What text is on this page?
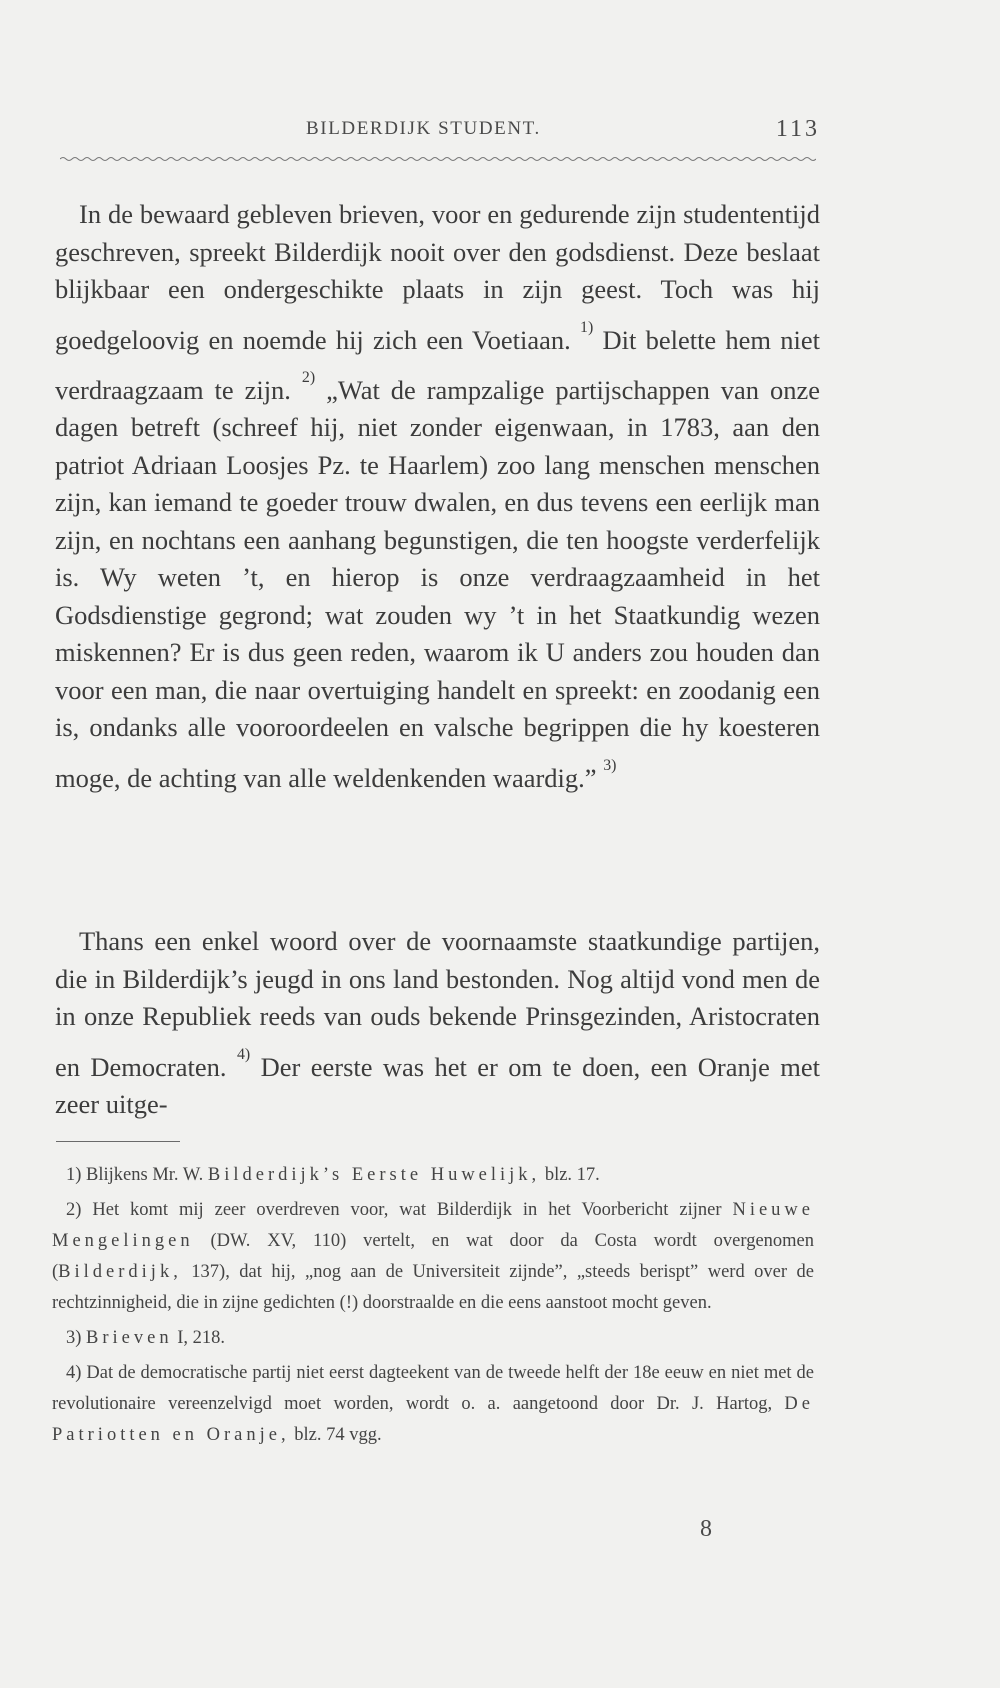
BILDERDIJK STUDENT.	113

In de bewaard gebleven brieven, voor en gedurende zijn studententijd geschreven, spreekt Bilderdijk nooit over den godsdienst. Deze beslaat blijkbaar een ondergeschikte plaats in zijn geest. Toch was hij goedgeloovig en noemde hij zich een Voetiaan. $^{1)}$ Dit belette hem niet verdraagzaam te zijn. $^{2)}$ „Wat de rampzalige partijschappen van onze dagen betreft (schreef hij, niet zonder eigenwaan, in 1783, aan den patriot Adriaan Loosjes Pz. te Haarlem) zoo lang menschen menschen zijn, kan iemand te goeder trouw dwalen, en dus tevens een eerlijk man zijn, en nochtans een aanhang begunstigen, die ten hoogste verderfelijk is. Wy weten ’t, en hierop is onze verdraagzaamheid in het Godsdienstige gegrond; wat zouden wy ’t in het Staatkundig wezen miskennen? Er is dus geen reden, waarom ik U anders zou houden dan voor een man, die naar overtuiging handelt en spreekt: en zoodanig een is, ondanks alle vooroordeelen en valsche begrippen die hy koesteren moge, de achting van alle weldenkenden waardig.” $^{3)}$

Thans een enkel woord over de voornaamste staatkundige partijen, die in Bilderdijk’s jeugd in ons land bestonden. Nog altijd vond men de in onze Republiek reeds van ouds bekende Prinsgezinden, Aristocraten en Democraten. $^{4)}$ Der eerste was het er om te doen, een Oranje met zeer uitge-

1) Blijkens Mr. W. Bilderdijk’s Eerste Huwelijk, blz. 17.

2) Het komt mij zeer overdreven voor, wat Bilderdijk in het Voorbericht zijner Nieuwe Mengelingen (DW. XV, 110) vertelt, en wat door da Costa wordt overgenomen (Bilderdijk, 137), dat hij, „nog aan de Universiteit zijnde”, „steeds berispt” werd over de rechtzinnigheid, die in zijne gedichten (!) doorstraalde en die eens aanstoot mocht geven.

3) Brieven I, 218.

4) Dat de democratische partij niet eerst dagteekent van de tweede helft der 18e eeuw en niet met de revolutionaire vereenzelvigd moet worden, wordt o. a. aangetoond door Dr. J. Hartog, De Patriotten en Oranje, blz. 74 vgg.

8
